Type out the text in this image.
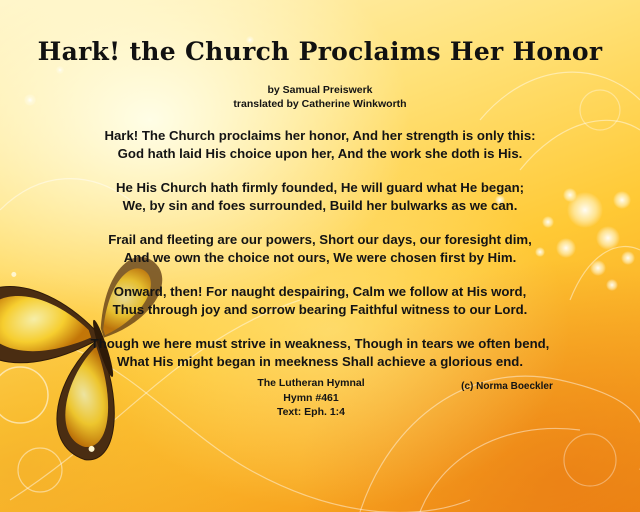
Hark! the Church Proclaims Her Honor
by Samual Preiswerk
translated by Catherine Winkworth
Hark! The Church proclaims her honor, And her strength is only this:
God hath laid His choice upon her, And the work she doth is His.
He His Church hath firmly founded, He will guard what He began;
We, by sin and foes surrounded, Build her bulwarks as we can.
Frail and fleeting are our powers, Short our days, our foresight dim,
And we own the choice not ours, We were chosen first by Him.
Onward, then! For naught despairing, Calm we follow at His word,
Thus through joy and sorrow bearing Faithful witness to our Lord.
Though we here must strive in weakness, Though in tears we often bend,
What His might began in meekness Shall achieve a glorious end.
The Lutheran Hymnal
Hymn #461
Text: Eph. 1:4
(c) Norma Boeckler
